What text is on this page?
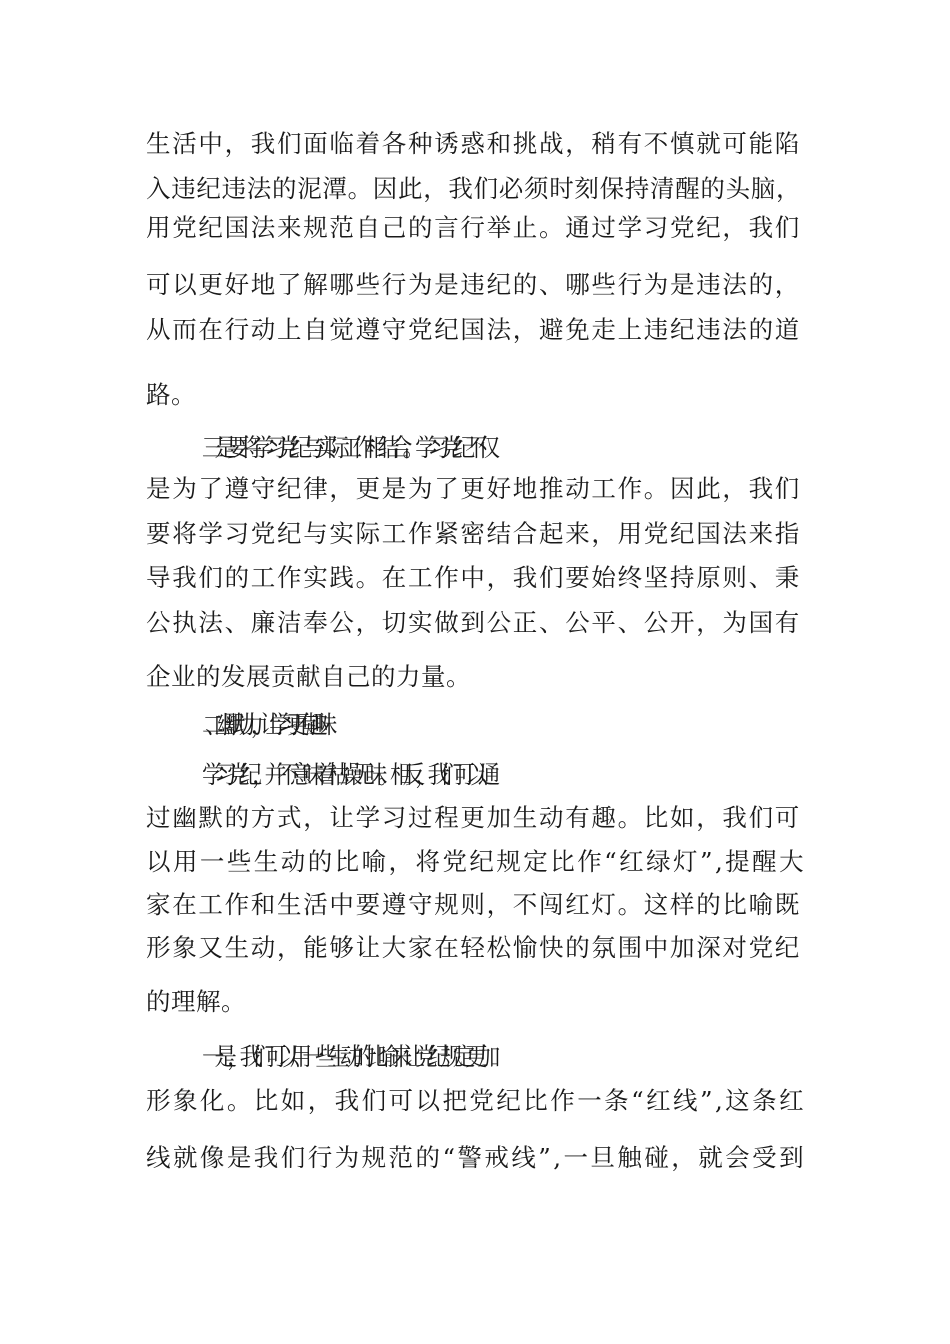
生活中，我们面临着各种诱惑和挑战，稍有不慎就可能陷
入违纪违法的泥潭。因此，我们必须时刻保持清醒的头脑，
用党纪国法来规范自己的言行举止。通过学习党纪，我们
可以更好地了解哪些行为是违纪的、哪些行为是违法的，
从而在行动上自觉遵守党纪国法，避免走上违纪违法的道
路。
三是要将学习党纪与实际工作相结合。学习党纪不仅
是为了遵守纪律，更是为了更好地推动工作。因此，我们
要将学习党纪与实际工作紧密结合起来，用党纪国法来指
导我们的工作实践。在工作中，我们要始终坚持原则、秉
公执法、廉洁奉公，切实做到公正、公平、公开，为国有
企业的发展贡献自己的力量。
二 、幽默助力，让学习更有趣味
学习党纪，并不意味着枯燥无味。相反，我们可以通
过幽默的方式，让学习过程更加生动有趣。比如，我们可
以用一些生动的比喻，将党纪规定比作“红绿灯”,提醒大
家在工作和生活中要遵守规则，不闯红灯。这样的比喻既
形象又生动，能够让大家在轻松愉快的氛围中加深对党纪
的理解。
一是，我们可以用一些生动的比喻来让党纪规定更加
形象化。比如，我们可以把党纪比作一条“红线”,这条红
线就像是我们行为规范的“警戒线”,一旦触碰，就会受到
